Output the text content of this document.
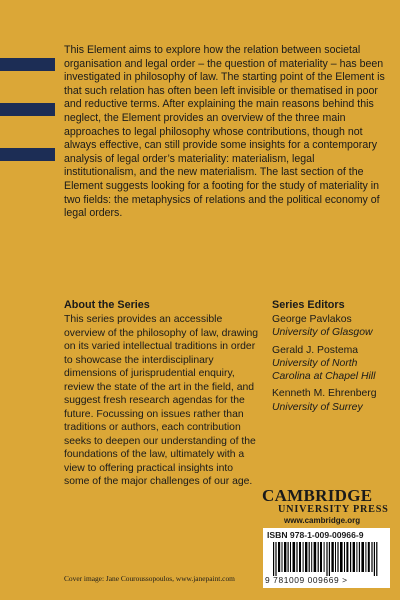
This Element aims to explore how the relation between societal organisation and legal order – the question of materiality – has been investigated in philosophy of law. The starting point of the Element is that such relation has often been left invisible or thematised in poor and reductive terms. After explaining the main reasons behind this neglect, the Element provides an overview of the three main approaches to legal philosophy whose contributions, though not always effective, can still provide some insights for a contemporary analysis of legal order’s materiality: materialism, legal institutionalism, and the new materialism. The last section of the Element suggests looking for a footing for the study of materiality in two fields: the metaphysics of relations and the political economy of legal orders.

About the Series

This series provides an accessible overview of the philosophy of law, drawing on its varied intellectual traditions in order to showcase the interdisciplinary dimensions of jurisprudential enquiry, review the state of the art in the field, and suggest fresh research agendas for the future. Focussing on issues rather than traditions or authors, each contribution seeks to deepen our understanding of the foundations of the law, ultimately with a view to offering practical insights into some of the major challenges of our age.

Series Editors
George Pavlakos
University of Glasgow
Gerald J. Postema
University of North Carolina at Chapel Hill
Kenneth M. Ehrenberg
University of Surrey
CAMBRIDGE
UNIVERSITY PRESS
www.cambridge.org
ISBN 978-1-009-00966-9
9 781009 009669 >
Cover image: Jane Couroussopoulos, www.janepaint.com
